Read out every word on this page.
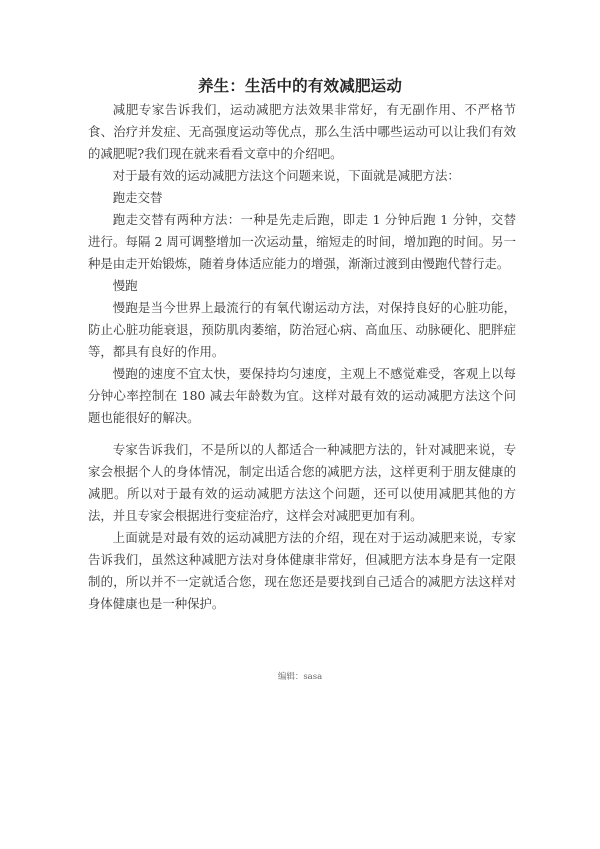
养生：生活中的有效减肥运动

减肥专家告诉我们，运动减肥方法效果非常好，有无副作用、不严格节食、治疗并发症、无高强度运动等优点，那么生活中哪些运动可以让我们有效的减肥呢?我们现在就来看看文章中的介绍吧。

对于最有效的运动减肥方法这个问题来说，下面就是减肥方法：

跑走交替

跑走交替有两种方法：一种是先走后跑，即走 1 分钟后跑 1 分钟，交替进行。每隔 2 周可调整增加一次运动量，缩短走的时间，增加跑的时间。另一种是由走开始锻炼，随着身体适应能力的增强，渐渐过渡到由慢跑代替行走。

慢跑

慢跑是当今世界上最流行的有氧代谢运动方法，对保持良好的心脏功能，防止心脏功能衰退，预防肌肉萎缩，防治冠心病、高血压、动脉硬化、肥胖症等，都具有良好的作用。

慢跑的速度不宜太快，要保持均匀速度，主观上不感觉难受，客观上以每分钟心率控制在 180 减去年龄数为宜。这样对最有效的运动减肥方法这个问题也能很好的解决。

专家告诉我们，不是所以的人都适合一种减肥方法的，针对减肥来说，专家会根据个人的身体情况，制定出适合您的减肥方法，这样更利于朋友健康的减肥。所以对于最有效的运动减肥方法这个问题，还可以使用减肥其他的方法，并且专家会根据进行变症治疗，这样会对减肥更加有利。

上面就是对最有效的运动减肥方法的介绍，现在对于运动减肥来说，专家告诉我们，虽然这种减肥方法对身体健康非常好，但减肥方法本身是有一定限制的，所以并不一定就适合您，现在您还是要找到自己适合的减肥方法这样对身体健康也是一种保护。

编辑：sasa
